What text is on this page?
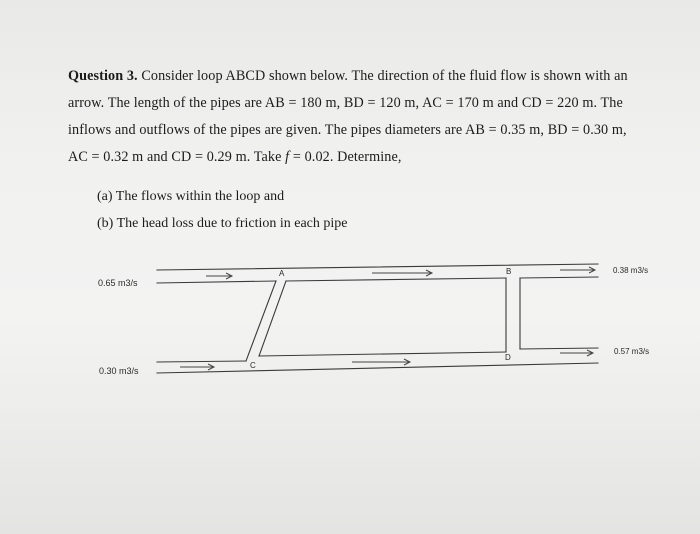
Question 3. Consider loop ABCD shown below. The direction of the fluid flow is shown with an
arrow. The length of the pipes are AB = 180 m, BD = 120 m, AC = 170 m and CD = 220 m. The
inflows and outflows of the pipes are given. The pipes diameters are AB = 0.35 m, BD = 0.30 m,
AC = 0.32 m and CD = 0.29 m. Take f = 0.02. Determine,
(a) The flows within the loop and
(b) The head loss due to friction in each pipe
A	B
C
D
0.65 m3/s
0.30 m3/s
0.38 m3/s
0.57 m3/s
